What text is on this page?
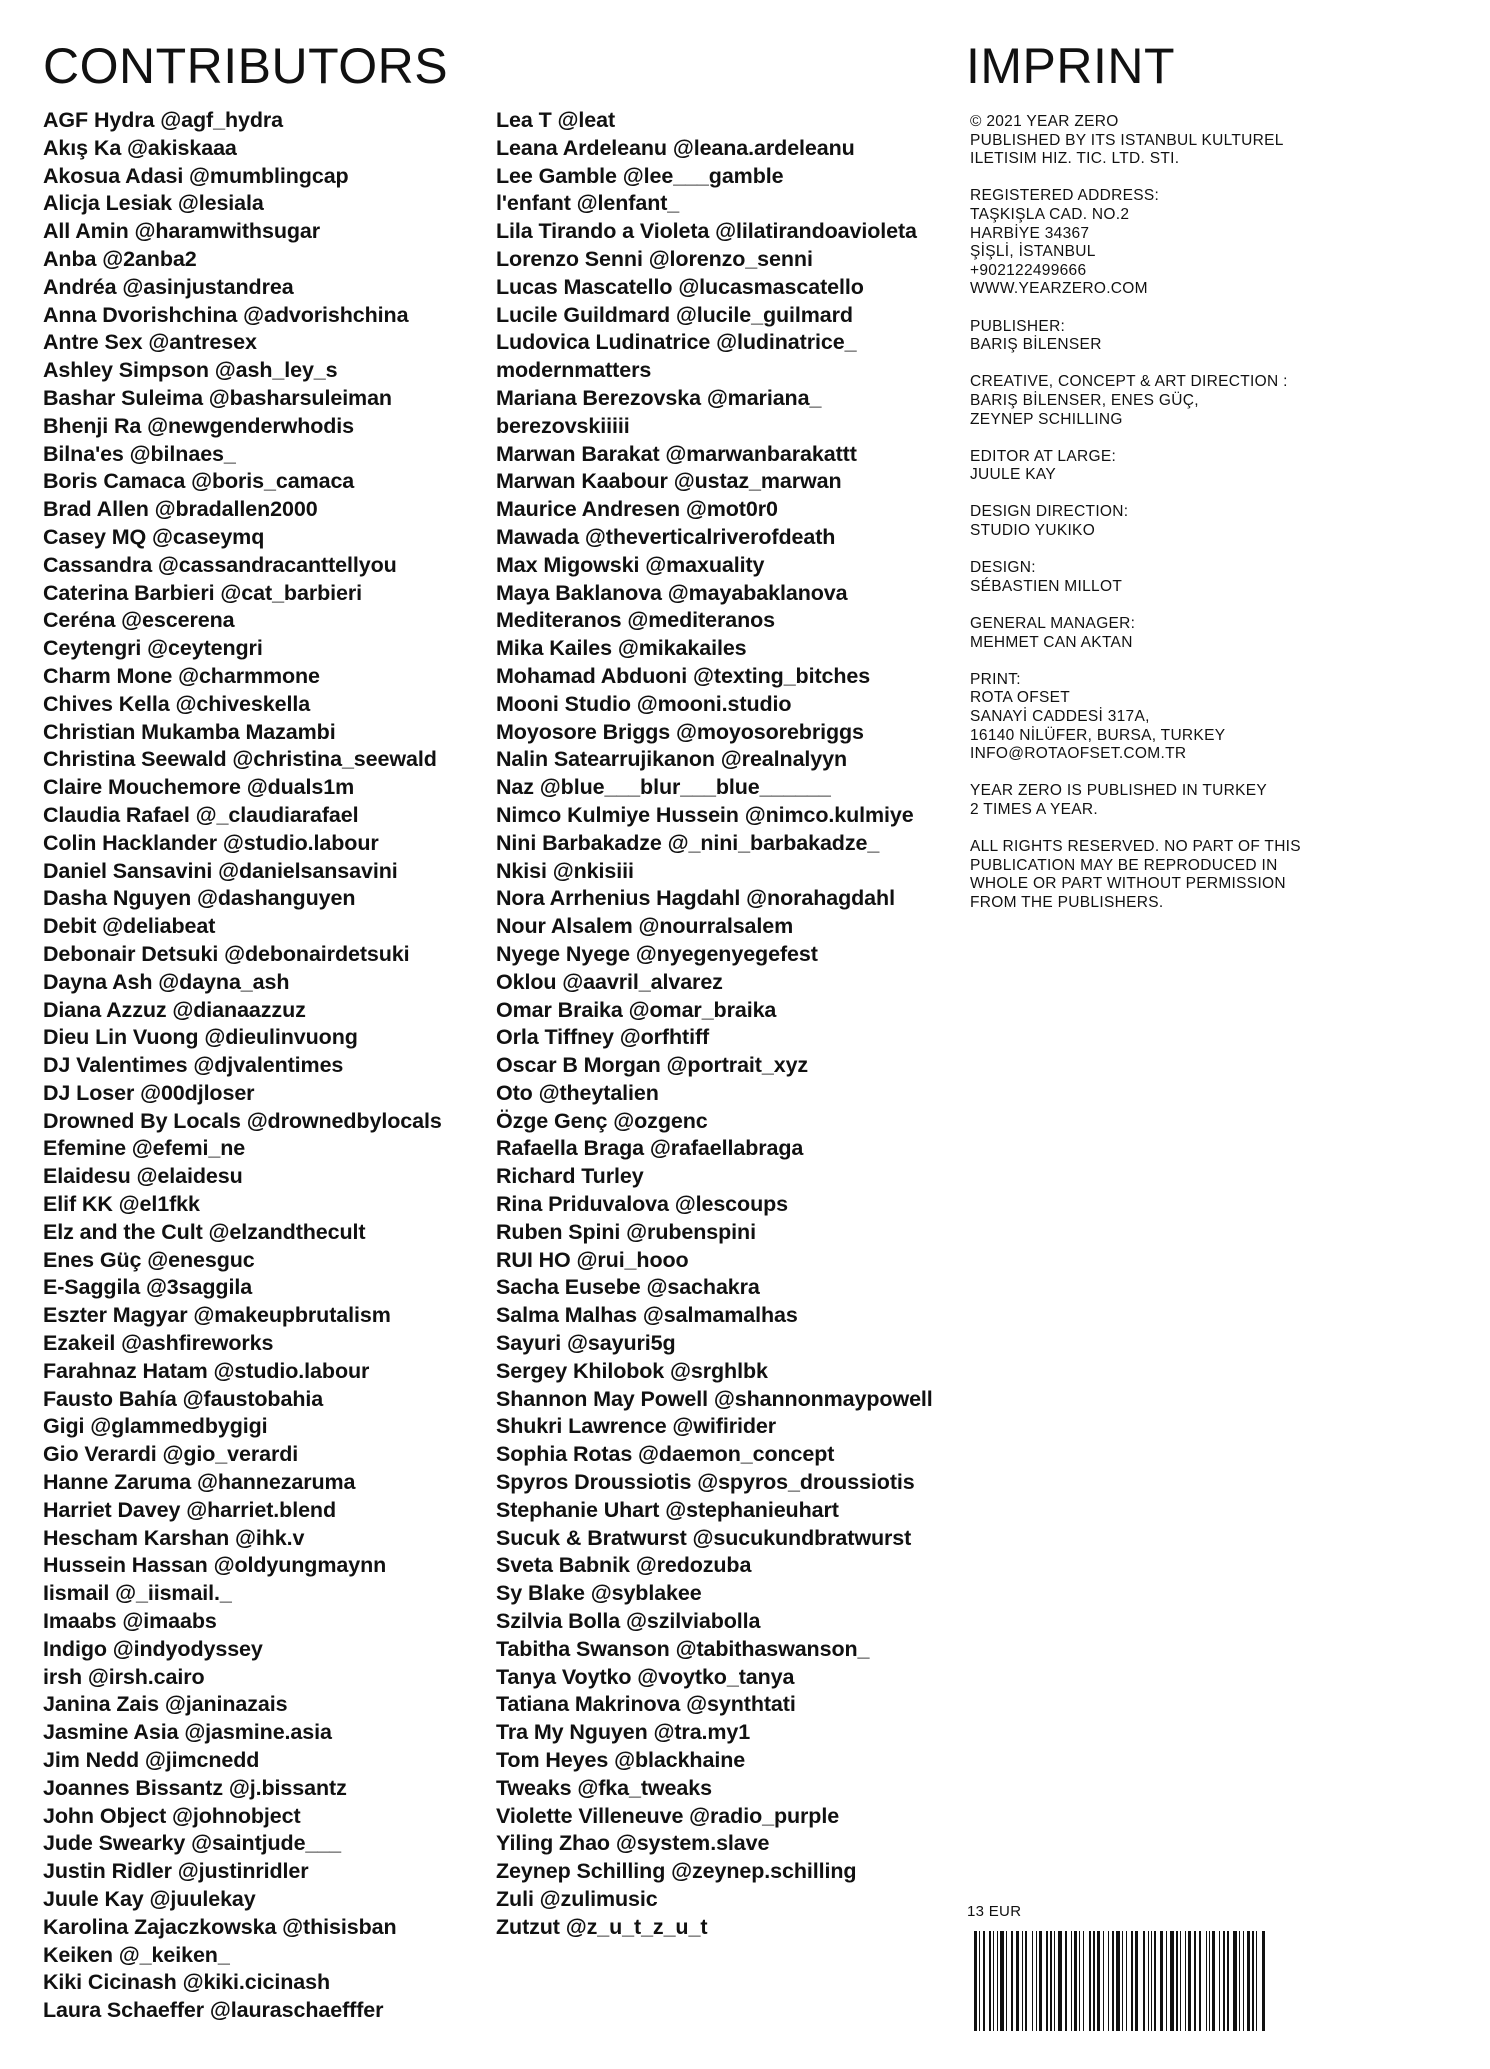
CONTRIBUTORS	IMPRINT
AGF Hydra @agf_hydra
Akış Ka @akiskaaa
Akosua Adasi @mumblingcap
Alicja Lesiak @lesiala
All Amin @haramwithsugar
Anba @2anba2
Andréa @asinjustandrea
Anna Dvorishchina @advorishchina
Antre Sex @antresex
Ashley Simpson @ash_ley_s
Bashar Suleima @basharsuleiman
Bhenji Ra @newgenderwhodis
Bilna'es @bilnaes_
Boris Camaca @boris_camaca
Brad Allen @bradallen2000
Casey MQ @caseymq
Cassandra @cassandracanttellyou
Caterina Barbieri @cat_barbieri
Ceréna @escerena
Ceytengri @ceytengri
Charm Mone @charmmone
Chives Kella @chiveskella
Christian Mukamba Mazambi
Christina Seewald @christina_seewald
Claire Mouchemore @duals1m
Claudia Rafael @_claudiarafael
Colin Hacklander @studio.labour
Daniel Sansavini @danielsansavini
Dasha Nguyen @dashanguyen
Debit @deliabeat
Debonair Detsuki @debonairdetsuki
Dayna Ash @dayna_ash
Diana Azzuz @dianaazzuz
Dieu Lin Vuong @dieulinvuong
DJ Valentimes @djvalentimes
DJ Loser @00djloser
Drowned By Locals @drownedbylocals
Efemine @efemi_ne
Elaidesu @elaidesu
Elif KK @el1fkk
Elz and the Cult @elzandthecult
Enes Güç @enesguc
E-Saggila @3saggila
Eszter Magyar @makeupbrutalism
Ezakeil @ashfireworks
Farahnaz Hatam @studio.labour
Fausto Bahía @faustobahia
Gigi @glammedbygigi
Gio Verardi @gio_verardi
Hanne Zaruma @hannezaruma
Harriet Davey @harriet.blend
Hescham Karshan @ihk.v
Hussein Hassan @oldyungmaynn
Iismail @_iismail._
Imaabs @imaabs
Indigo @indyodyssey
irsh @irsh.cairo
Janina Zais @janinazais
Jasmine Asia @jasmine.asia
Jim Nedd @jimcnedd
Joannes Bissantz @j.bissantz
John Object @johnobject
Jude Swearky @saintjude___
Justin Ridler @justinridler
Juule Kay @juulekay
Karolina Zajaczkowska @thisisban
Keiken @_keiken_
Kiki Cicinash @kiki.cicinash
Laura Schaeffer @lauraschaefffer
Lea T @leat
Leana Ardeleanu @leana.ardeleanu
Lee Gamble @lee___gamble
l'enfant @lenfant_
Lila Tirando a Violeta @lilatirandoavioleta
Lorenzo Senni @lorenzo_senni
Lucas Mascatello @lucasmascatello
Lucile Guildmard @lucile_guilmard
Ludovica Ludinatrice @ludinatrice_
modernmatters
Mariana Berezovska @mariana_
berezovskiiiii
Marwan Barakat @marwanbarakattt
Marwan Kaabour @ustaz_marwan
Maurice Andresen @mot0r0
Mawada @theverticalriverofdeath
Max Migowski @maxuality
Maya Baklanova @mayabaklanova
Mediteranos @mediteranos
Mika Kailes @mikakailes
Mohamad Abduoni @texting_bitches
Mooni Studio @mooni.studio
Moyosore Briggs @moyosorebriggs
Nalin Satearrujikanon @realnalyyn
Naz @blue___blur___blue______
Nimco Kulmiye Hussein @nimco.kulmiye
Nini Barbakadze @_nini_barbakadze_
Nkisi @nkisiii
Nora Arrhenius Hagdahl @norahagdahl
Nour Alsalem @nourralsalem
Nyege Nyege @nyegenyegefest
Oklou @aavril_alvarez
Omar Braika @omar_braika
Orla Tiffney @orfhtiff
Oscar B Morgan @portrait_xyz
Oto @theytalien
Özge Genç @ozgenc
Rafaella Braga @rafaellabraga
Richard Turley
Rina Priduvalova @lescoups
Ruben Spini @rubenspini
RUI HO @rui_hooo
Sacha Eusebe @sachakra
Salma Malhas @salmamalhas
Sayuri @sayuri5g
Sergey Khilobok @srghlbk
Shannon May Powell @shannonmaypowell
Shukri Lawrence @wifirider
Sophia Rotas @daemon_concept
Spyros Droussiotis @spyros_droussiotis
Stephanie Uhart @stephanieuhart
Sucuk & Bratwurst @sucukundbratwurst
Sveta Babnik @redozuba
Sy Blake @syblakee
Szilvia Bolla @szilviabolla
Tabitha Swanson @tabithaswanson_
Tanya Voytko @voytko_tanya
Tatiana Makrinova @synthtati
Tra My Nguyen @tra.my1
Tom Heyes @blackhaine
Tweaks @fka_tweaks
Violette Villeneuve @radio_purple
Yiling Zhao @system.slave
Zeynep Schilling @zeynep.schilling
Zuli @zulimusic
Zutzut @z_u_t_z_u_t
© 2021 YEAR ZERO
PUBLISHED BY ITS ISTANBUL KULTUREL
ILETISIM HIZ. TIC. LTD. STI.
REGISTERED ADDRESS:
TAŞKIŞLA CAD. NO.2
HARBİYE 34367
ŞİŞLİ, İSTANBUL
+902122499666
WWW.YEARZERO.COM
PUBLISHER:
BARIŞ BİLENSER
CREATIVE, CONCEPT & ART DIRECTION :
BARIŞ BİLENSER, ENES GÜÇ,
ZEYNEP SCHILLING
EDITOR AT LARGE:
JUULE KAY
DESIGN DIRECTION:
STUDIO YUKIKO
DESIGN:
SÉBASTIEN MILLOT
GENERAL MANAGER:
MEHMET CAN AKTAN
PRINT:
ROTA OFSET
SANAYİ CADDESİ 317A,
16140 NİLÜFER, BURSA, TURKEY
INFO@ROTAOFSET.COM.TR
YEAR ZERO IS PUBLISHED IN TURKEY
2 TIMES A YEAR.
ALL RIGHTS RESERVED. NO PART OF THIS
PUBLICATION MAY BE REPRODUCED IN
WHOLE OR PART WITHOUT PERMISSION
FROM THE PUBLISHERS.
13 EUR
